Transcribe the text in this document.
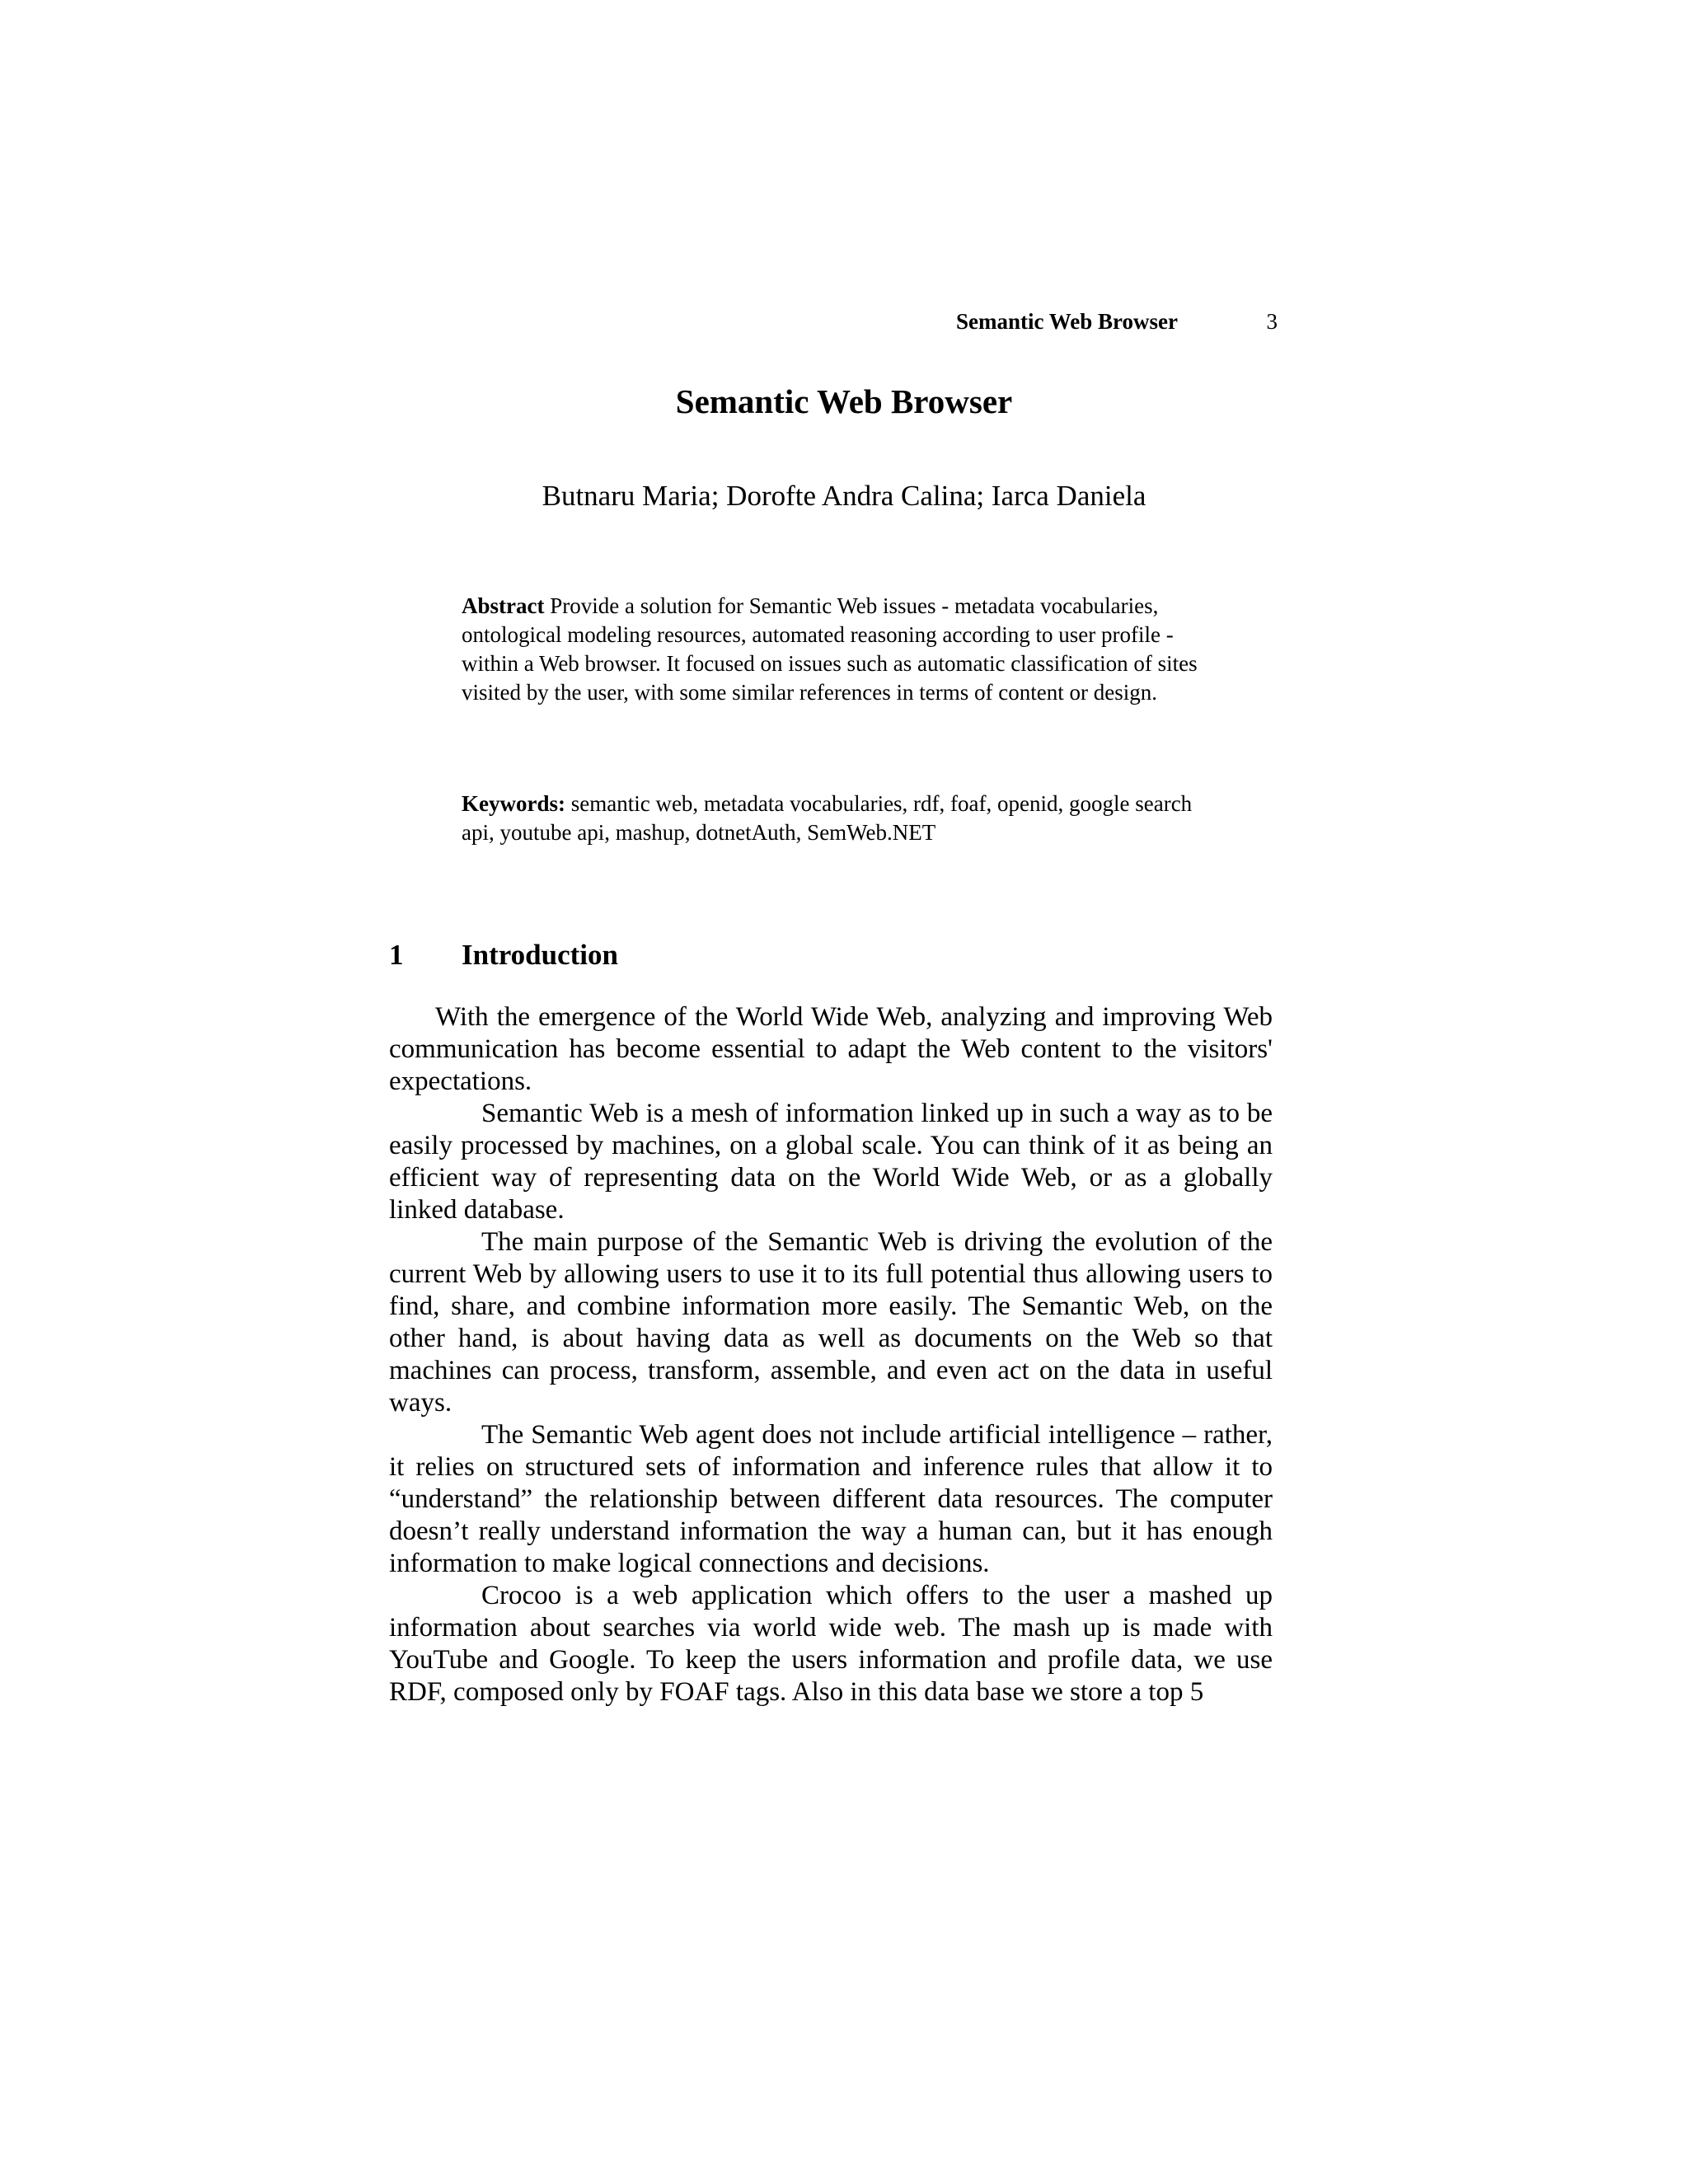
Semantic Web Browser	3
Semantic Web Browser
Butnaru Maria; Dorofte Andra Calina; Iarca Daniela
Abstract Provide a solution for Semantic Web issues - metadata vocabularies, ontological modeling resources, automated reasoning according to user profile - within a Web browser. It focused on issues such as automatic classification of sites visited by the user, with some similar references in terms of content or design.
Keywords: semantic web, metadata vocabularies, rdf, foaf, openid, google search api, youtube api, mashup, dotnetAuth, SemWeb.NET
1 Introduction

With the emergence of the World Wide Web, analyzing and improving Web communication has become essential to adapt the Web content to the visitors' expectations.

Semantic Web is a mesh of information linked up in such a way as to be easily processed by machines, on a global scale. You can think of it as being an efficient way of representing data on the World Wide Web, or as a globally linked database.

The main purpose of the Semantic Web is driving the evolution of the current Web by allowing users to use it to its full potential thus allowing users to find, share, and combine information more easily. The Semantic Web, on the other hand, is about having data as well as documents on the Web so that machines can process, transform, assemble, and even act on the data in useful ways.

The Semantic Web agent does not include artificial intelligence – rather, it relies on structured sets of information and inference rules that allow it to “understand” the relationship between different data resources. The computer doesn’t really understand information the way a human can, but it has enough information to make logical connections and decisions.

Crocoo is a web application which offers to the user a mashed up information about searches via world wide web. The mash up is made with YouTube and Google. To keep the users information and profile data, we use RDF, composed only by FOAF tags. Also in this data base we store a top 5
